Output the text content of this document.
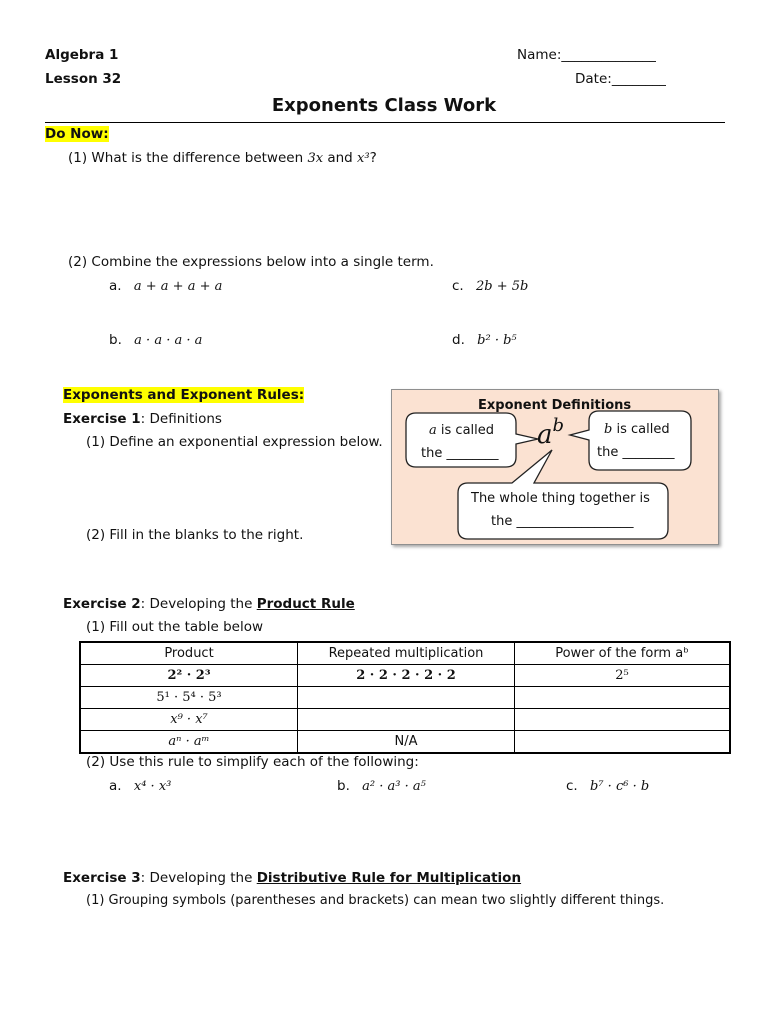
Algebra 1
Lesson 32
Name:______________
Date:________
Exponents Class Work
Do Now:
(1) What is the difference between 3x and x³?
(2) Combine the expressions below into a single term.
a. a + a + a + a	c. 2b + 5b
b. a · a · a · a	d. b² · b⁵
Exponents and Exponent Rules:
Exercise 1: Definitions
(1) Define an exponential expression below.
(2) Fill in the blanks to the right.
Exponent Definitions
ab
a is called
the ________
b is called
the ________
The whole thing together is
the __________________
Exercise 2: Developing the Product Rule
(1) Fill out the table below
Product	Repeated multiplication	Power of the form aᵇ
2² · 2³	2 · 2 · 2 · 2 · 2	2⁵
5¹ · 5⁴ · 5³		
x⁹ · x⁷		
aⁿ · aᵐ	N/A	
(2) Use this rule to simplify each of the following:
a. x⁴ · x³	b. a² · a³ · a⁵	c. b⁷ · c⁶ · b
Exercise 3: Developing the Distributive Rule for Multiplication
(1) Grouping symbols (parentheses and brackets) can mean two slightly different things.
